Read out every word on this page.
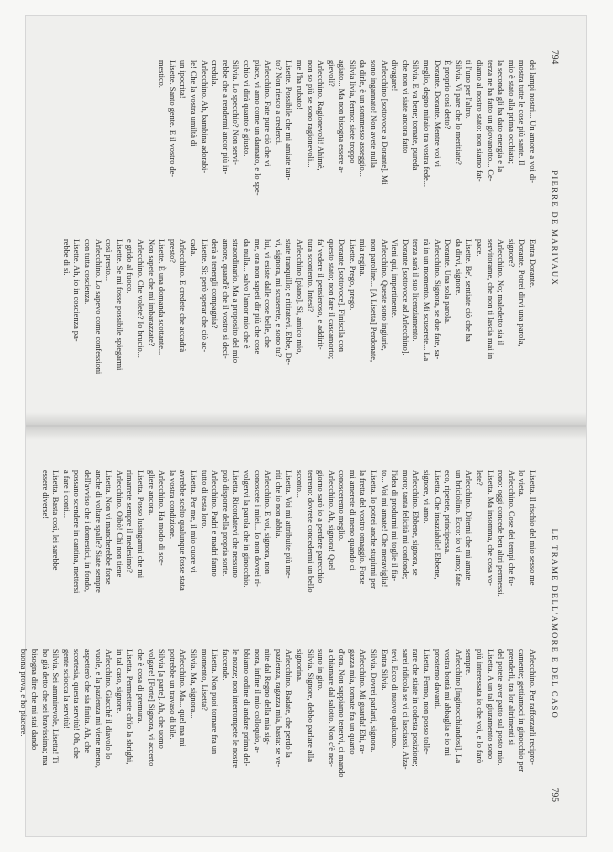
794
PIERRE DE MARIVAUX

dei lampi nostri... Un amore a voi di-

mostra tutte le cose più sante. Il

mio è stato alla prima occhiata;

la seconda gli ha dato energia e la

terza ne ha fatto un giovanotto... Ce-

diamo al nostro stato: non siamo fat-

ti l'uno per l'altro.

Silvia. Vi pare che lo meritiate?

È proprio così detto?

Dorante. Dorante. Mentre voi vi

meglio, degno miraio tra vostra fede...

Silvia. E va bene; tornate, pureda

che non vi siate ancora fatto

divagare!

Arlecchino [sottovoce a Dorante]. Mi

sono ingannato! Non avete nulla

da dirle, è un sommesso asseggio...

Silvia livia, fermo: siete troppo

agiato... Ma non bisogna essere a-

gievoli?

Arlecchino. Ragionevoli! Ahimè,

non so più se sono ragionevoli...

me l'ha rubato!

Lisette. Possibile che mi amiate tan-

to? Non riesco a crederci.

Arlecchino. Fate pure ciò che vi

piace, vi amo come un dannato, e lo spe-

cchio vi dirà quanto è giusto.

Silvia. Lo specchio? Non servi-

rebbe che a rendermi ancor più in-

credula.

Arlecchino. Ah, bambina adorabi-

le! Che la vostra umiltà di

un ipocrita!

Lisette. Santo gente. E il vostro de-

mestico.

Entra Dorante.

Dorante. Potrei dirvi una parola,

signore?

Arlecchino. No; maledetto sia il

servitorame, che non ti lascia mai in

pace.

Lisette. Be', sentiate ciò che ha

da dirvi, signore.

Dorante. Una sola parola.

Arlecchino. Signora, se due fate, sa-

rà in un momento. Mi scuserete... La

terza sarà il suo licenziamento.

Dorante [sottovoce ad Arlecchino].

Vieni qui, impertinente.

Arlecchino. Queste sono ingiurie,

non paroline... [A Lisetta] Perdonate,

mia regina.

Lisette. Prego, prego.

Dorante [sottovoce]. Finiscila con

questo stato; non fare il cascamorto;

fa' vedere il pensieroso, e addirit-

tura scontento. Intesi?

Arlecchino [piano]. Sì, amico mio,

state tranquillo; e ritiratevi. Ebbe, De-

vi, signora, mi scuserete, e sono tu?

lui, vi esiste dalle cose belle, che

me, ora non sapeti dir più che cose

da nulla... salvo l'amor mio che è

straordinario. Ma a proposito del mio

amore, quand'è che il vostro si deci-

derà a tenergli compagnia?

Lisette. Sì: però sperar che ciò ac-

cada.

Arlecchino. E credete che accadrà

presto?

Lisette. È una domanda scottante...

Non sapete che mi imbarazzate?

Arlecchino. Che volete? Io brucio...

e grido al fuoco.

Lisette. Se mi fosse possibile spiegarmi

così presto...

Arlecchino. Lo sapevo come confessioni

con tutta coscienza.

Lisette. Ah, io in coscienza pa-

rebbe di sì.

LE TRAME DELL'AMORE E DEL CASO
795

Lisetta. Il rischio del mio sesso me

lo vieta.

Arlecchino. Cose dei tempi che fu-

rono: oggi concede ben altri permessi.

Lisetta. Ma insomma, che cosa vo-

lete?

Arlecchino. Ditemi che mi amate

un briciolino. Ecco: io vi amo; fate

eco, ripetete, principessa.

Lisetta. Che insaziabile! Ebbene,

signore, vi amo.

Arlecchino. Ebbene, signora, se

moro; tanta felicità mi confonde;

l'idea di produrmi mi toglie il fia-

to... Voi mi amate! Che meraviglia!

Lisetta. Io potrei anche stupirmi per

la fretta del vostro omaggio. Forse

mi amerete di meno quando ci

conosceremo meglio.

Arlecchino. Ah, signora! Quel

giorno sarò io a perdere parecchio

terreno: dovrete concedermi un bello

sconto...

Lisetta. Voi mi attribuite più me-

riti che io non abbia.

Arlecchino. E voi, signora, non

conoscete i miei... Io non dovrei ri-

volgervi la parola che in ginocchio.

Lisetta. Ricordatevi che nessuno

può disporre della propria sorte.

Arlecchino. Padri e madri fanno

tutto di testa loro.

Lisetta. Per me, il mio cuore vi

avrebbe scelto qualunque fosse stata

la vostra condizione.

Arlecchino. Ha modo di sce-

gliere ancora.

Lisetta. Posso lusingarmi che mi

rimarrete sempre il medesimo?

Arlecchino. Oibò! Chi non tiene

Lisetta. Non vi mancherebbe forse

anche di voltare spalle? Siate sempre

dell'avviso che i domestici, in fondo,

possano scendere in cantina, mettersi

a fare i conti...

Lisetta. Basta così, lei sarebbe

essere diverse!

Arlecchino. Per rafforzarli recipro-

camente; gettiamoci in ginocchio per

prenderli, tra lor altrimenti si

del potete aver patto sul posto mio.

Lisetta. A un tal giuramento sono

più interessata io che voi, e lo farò

sempre.

Arlecchino [inginocchiandosi]. La

vostra bontà mi abbaglia e io mi

prosterno davanti.

Lisetta. Fermo, non posso tolle-

rare che stiate in codesta posizione;

sarei ridicola se vi ci lasciassi. Alza-

tevi. Ecco di nuovo qualcuno.

Entra Silvia.

Silvia. Dovrei parlarti, signora.

Arlecchino. Mi guarda! Ehi, ra-

gazza mia, tornate fra un quarto

d'ora. Non sappiamo tenervi, ci mando

a chiamare dal salotto. Non c'è nes-

suno in giro.

Silvia. Signore, debbo parlare alla

signorina.

Arlecchino. Badate, che perdo la

pazienza, ragazza mia, basta: se ve-

nite dal Regno della mia sig-

nora, infine il mio colloquio, a-

bbiamo ordine di andare prima del-

le nozze; non interrompete le nostre

faccende.

Lisetta. Non puoi tornare fra un

momento, Lisetta?

Silvia. Ma, signora...

Arlecchino. Ma... quel ma mi

potrebbe un travaso di bile.

Silvia [a parte]. Ah, che uomo

volgare! [Forte] Signora, vi accerto

che è cosa di premura.

Lisetta. Permettete ch'io la sbrighi,

in tal caso, signore.

Arlecchino. Giacché il diavolo lo

vuole, e la pazienza mi viene meno,

aspetterò che sia finita. Ah, che

scortesia, questa servitù! Oh, che

gente sciocca la servitù!

Silvia. Sei ammirevole, Lisetta! Ti

ho già detto che sei bravissima; ma

bisogna dire che mi stai dando

buona prova, e ho piacere.
